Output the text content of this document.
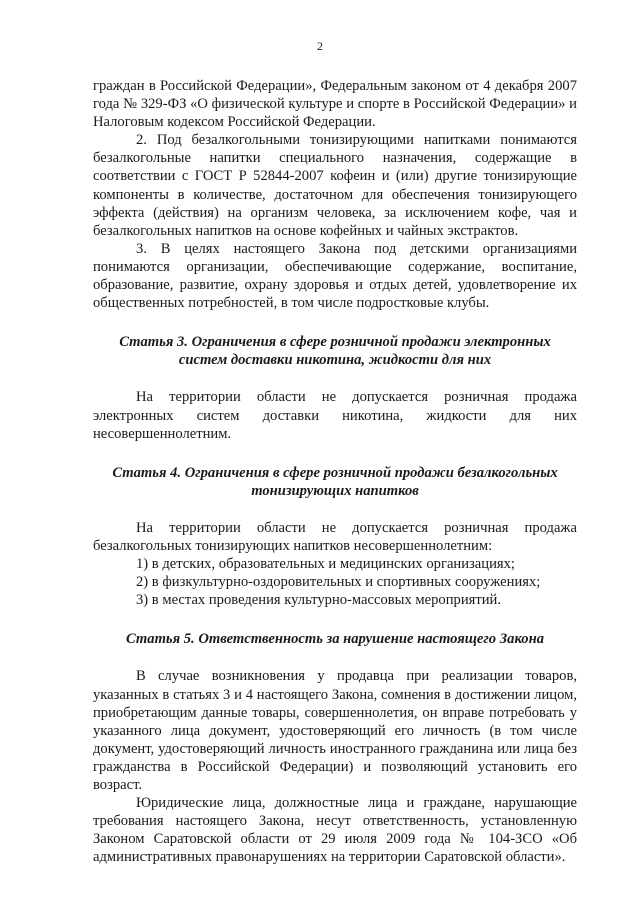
2

граждан в Российской Федерации», Федеральным законом от 4 декабря 2007 года № 329-ФЗ «О физической культуре и спорте в Российской Федерации» и Налоговым кодексом Российской Федерации.

2. Под безалкогольными тонизирующими напитками понимаются безалкогольные напитки специального назначения, содержащие в соответствии с ГОСТ Р 52844-2007 кофеин и (или) другие тонизирующие компоненты в количестве, достаточном для обеспечения тонизирующего эффекта (действия) на организм человека, за исключением кофе, чая и безалкогольных напитков на основе кофейных и чайных экстрактов.

3. В целях настоящего Закона под детскими организациями понимаются организации, обеспечивающие содержание, воспитание, образование, развитие, охрану здоровья и отдых детей, удовлетворение их общественных потребностей, в том числе подростковые клубы.

Статья 3. Ограничения в сфере розничной продажи электронных
систем доставки никотина, жидкости для них

На территории области не допускается розничная продажа электронных систем доставки никотина, жидкости для них несовершеннолетним.

Статья 4. Ограничения в сфере розничной продажи безалкогольных
тонизирующих напитков

На территории области не допускается розничная продажа безалкогольных тонизирующих напитков несовершеннолетним:

1) в детских, образовательных и медицинских организациях;

2) в физкультурно-оздоровительных и спортивных сооружениях;

3) в местах проведения культурно-массовых мероприятий.

Статья 5. Ответственность за нарушение настоящего Закона

В случае возникновения у продавца при реализации товаров, указанных в статьях 3 и 4 настоящего Закона, сомнения в достижении лицом, приобретающим данные товары, совершеннолетия, он вправе потребовать у указанного лица документ, удостоверяющий его личность (в том числе документ, удостоверяющий личность иностранного гражданина или лица без гражданства в Российской Федерации) и позволяющий установить его возраст.

Юридические лица, должностные лица и граждане, нарушающие требования настоящего Закона, несут ответственность, установленную Законом Саратовской области от 29 июля 2009 года № 104-ЗСО «Об административных правонарушениях на территории Саратовской области».
